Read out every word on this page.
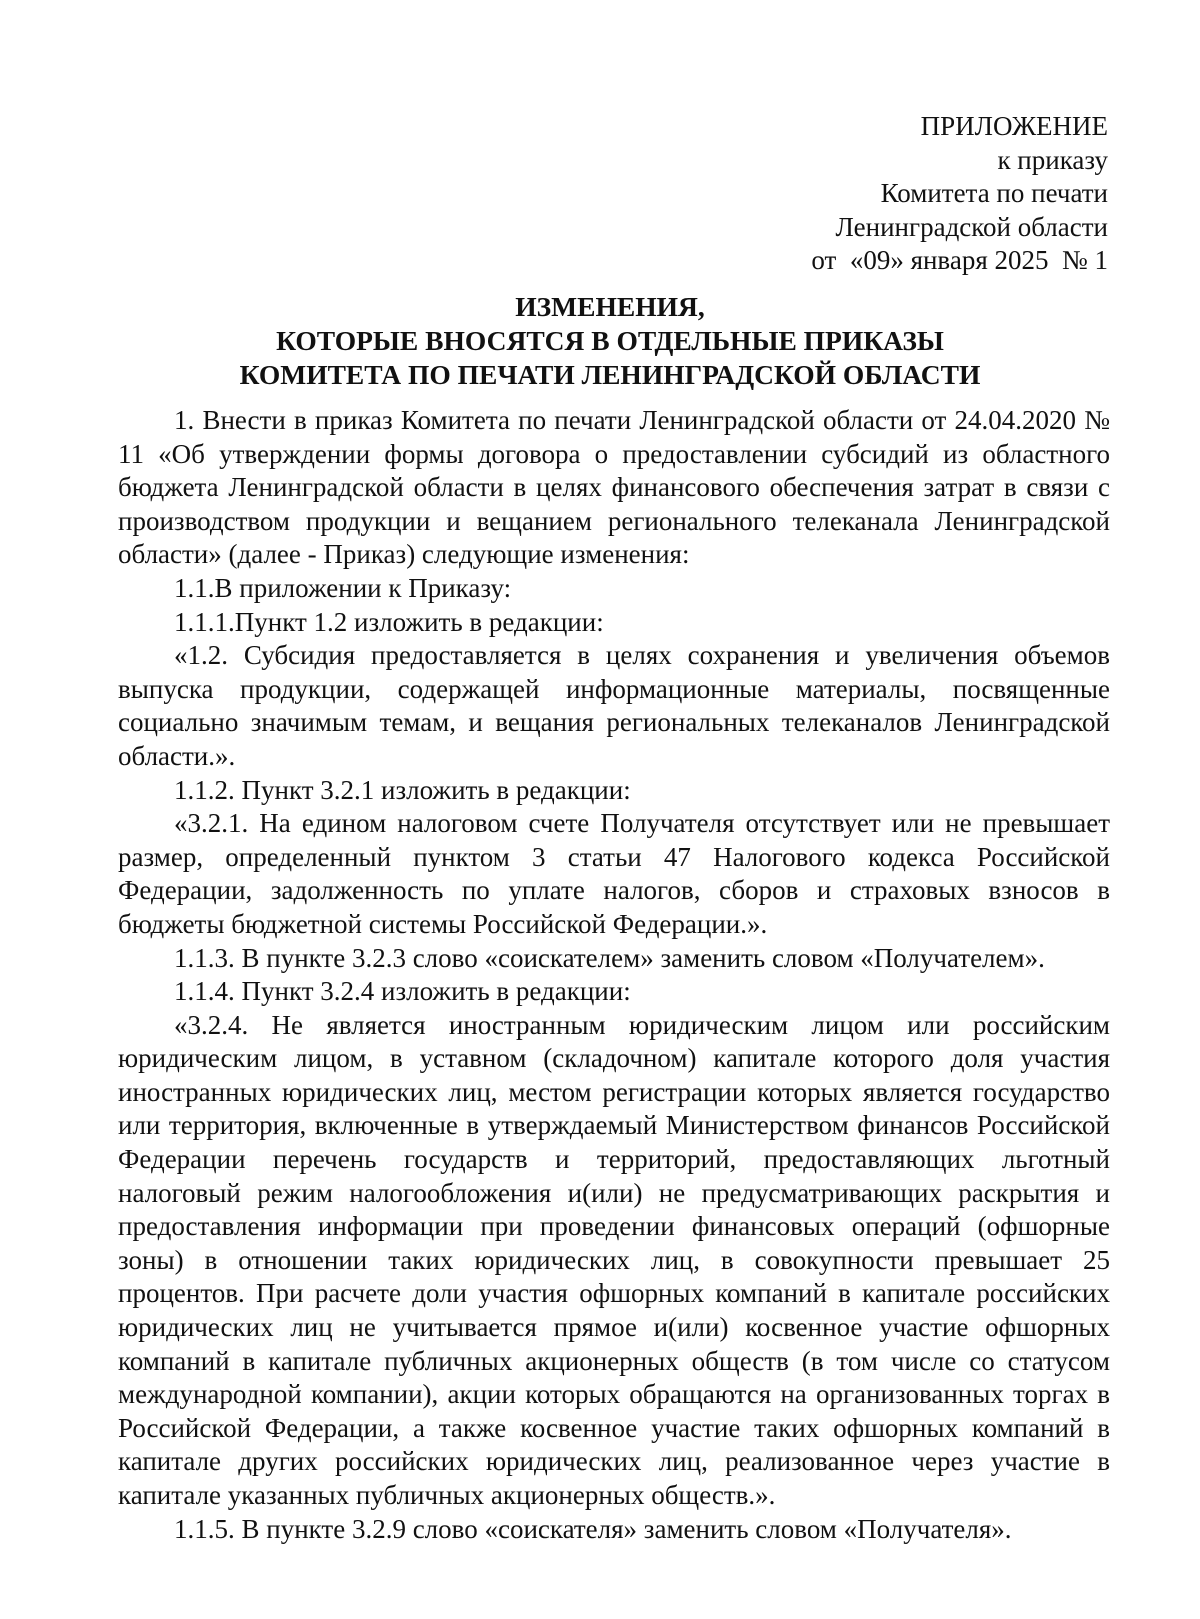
ПРИЛОЖЕНИЕ
к приказу
Комитета по печати
Ленинградской области
от  «09» января 2025  № 1
ИЗМЕНЕНИЯ,
КОТОРЫЕ ВНОСЯТСЯ В ОТДЕЛЬНЫЕ ПРИКАЗЫ
КОМИТЕТА ПО ПЕЧАТИ ЛЕНИНГРАДСКОЙ ОБЛАСТИ

1. Внести в приказ Комитета по печати Ленинградской области от 24.04.2020 № 11 «Об утверждении формы договора о предоставлении субсидий из областного бюджета Ленинградской области в целях финансового обеспечения затрат в связи с производством продукции и вещанием регионального телеканала Ленинградской области» (далее - Приказ) следующие изменения:

1.1.В приложении к Приказу:

1.1.1.Пункт 1.2 изложить в редакции:

«1.2. Субсидия предоставляется в целях сохранения и увеличения объемов выпуска продукции, содержащей информационные материалы, посвященные социально значимым темам, и вещания региональных телеканалов Ленинградской области.».

1.1.2. Пункт 3.2.1 изложить в редакции:

«3.2.1. На едином налоговом счете Получателя отсутствует или не превышает размер, определенный пунктом 3 статьи 47 Налогового кодекса Российской Федерации, задолженность по уплате налогов, сборов и страховых взносов в бюджеты бюджетной системы Российской Федерации.».

1.1.3. В пункте 3.2.3 слово «соискателем» заменить словом «Получателем».

1.1.4. Пункт 3.2.4 изложить в редакции:

«3.2.4. Не является иностранным юридическим лицом или российским юридическим лицом, в уставном (складочном) капитале которого доля участия иностранных юридических лиц, местом регистрации которых является государство или территория, включенные в утверждаемый Министерством финансов Российской Федерации перечень государств и территорий, предоставляющих льготный налоговый режим налогообложения и(или) не предусматривающих раскрытия и предоставления информации при проведении финансовых операций (офшорные зоны) в отношении таких юридических лиц, в совокупности превышает 25 процентов. При расчете доли участия офшорных компаний в капитале российских юридических лиц не учитывается прямое и(или) косвенное участие офшорных компаний в капитале публичных акционерных обществ (в том числе со статусом международной компании), акции которых обращаются на организованных торгах в Российской Федерации, а также косвенное участие таких офшорных компаний в капитале других российских юридических лиц, реализованное через участие в капитале указанных публичных акционерных обществ.».

1.1.5. В пункте 3.2.9 слово «соискателя» заменить словом «Получателя».
